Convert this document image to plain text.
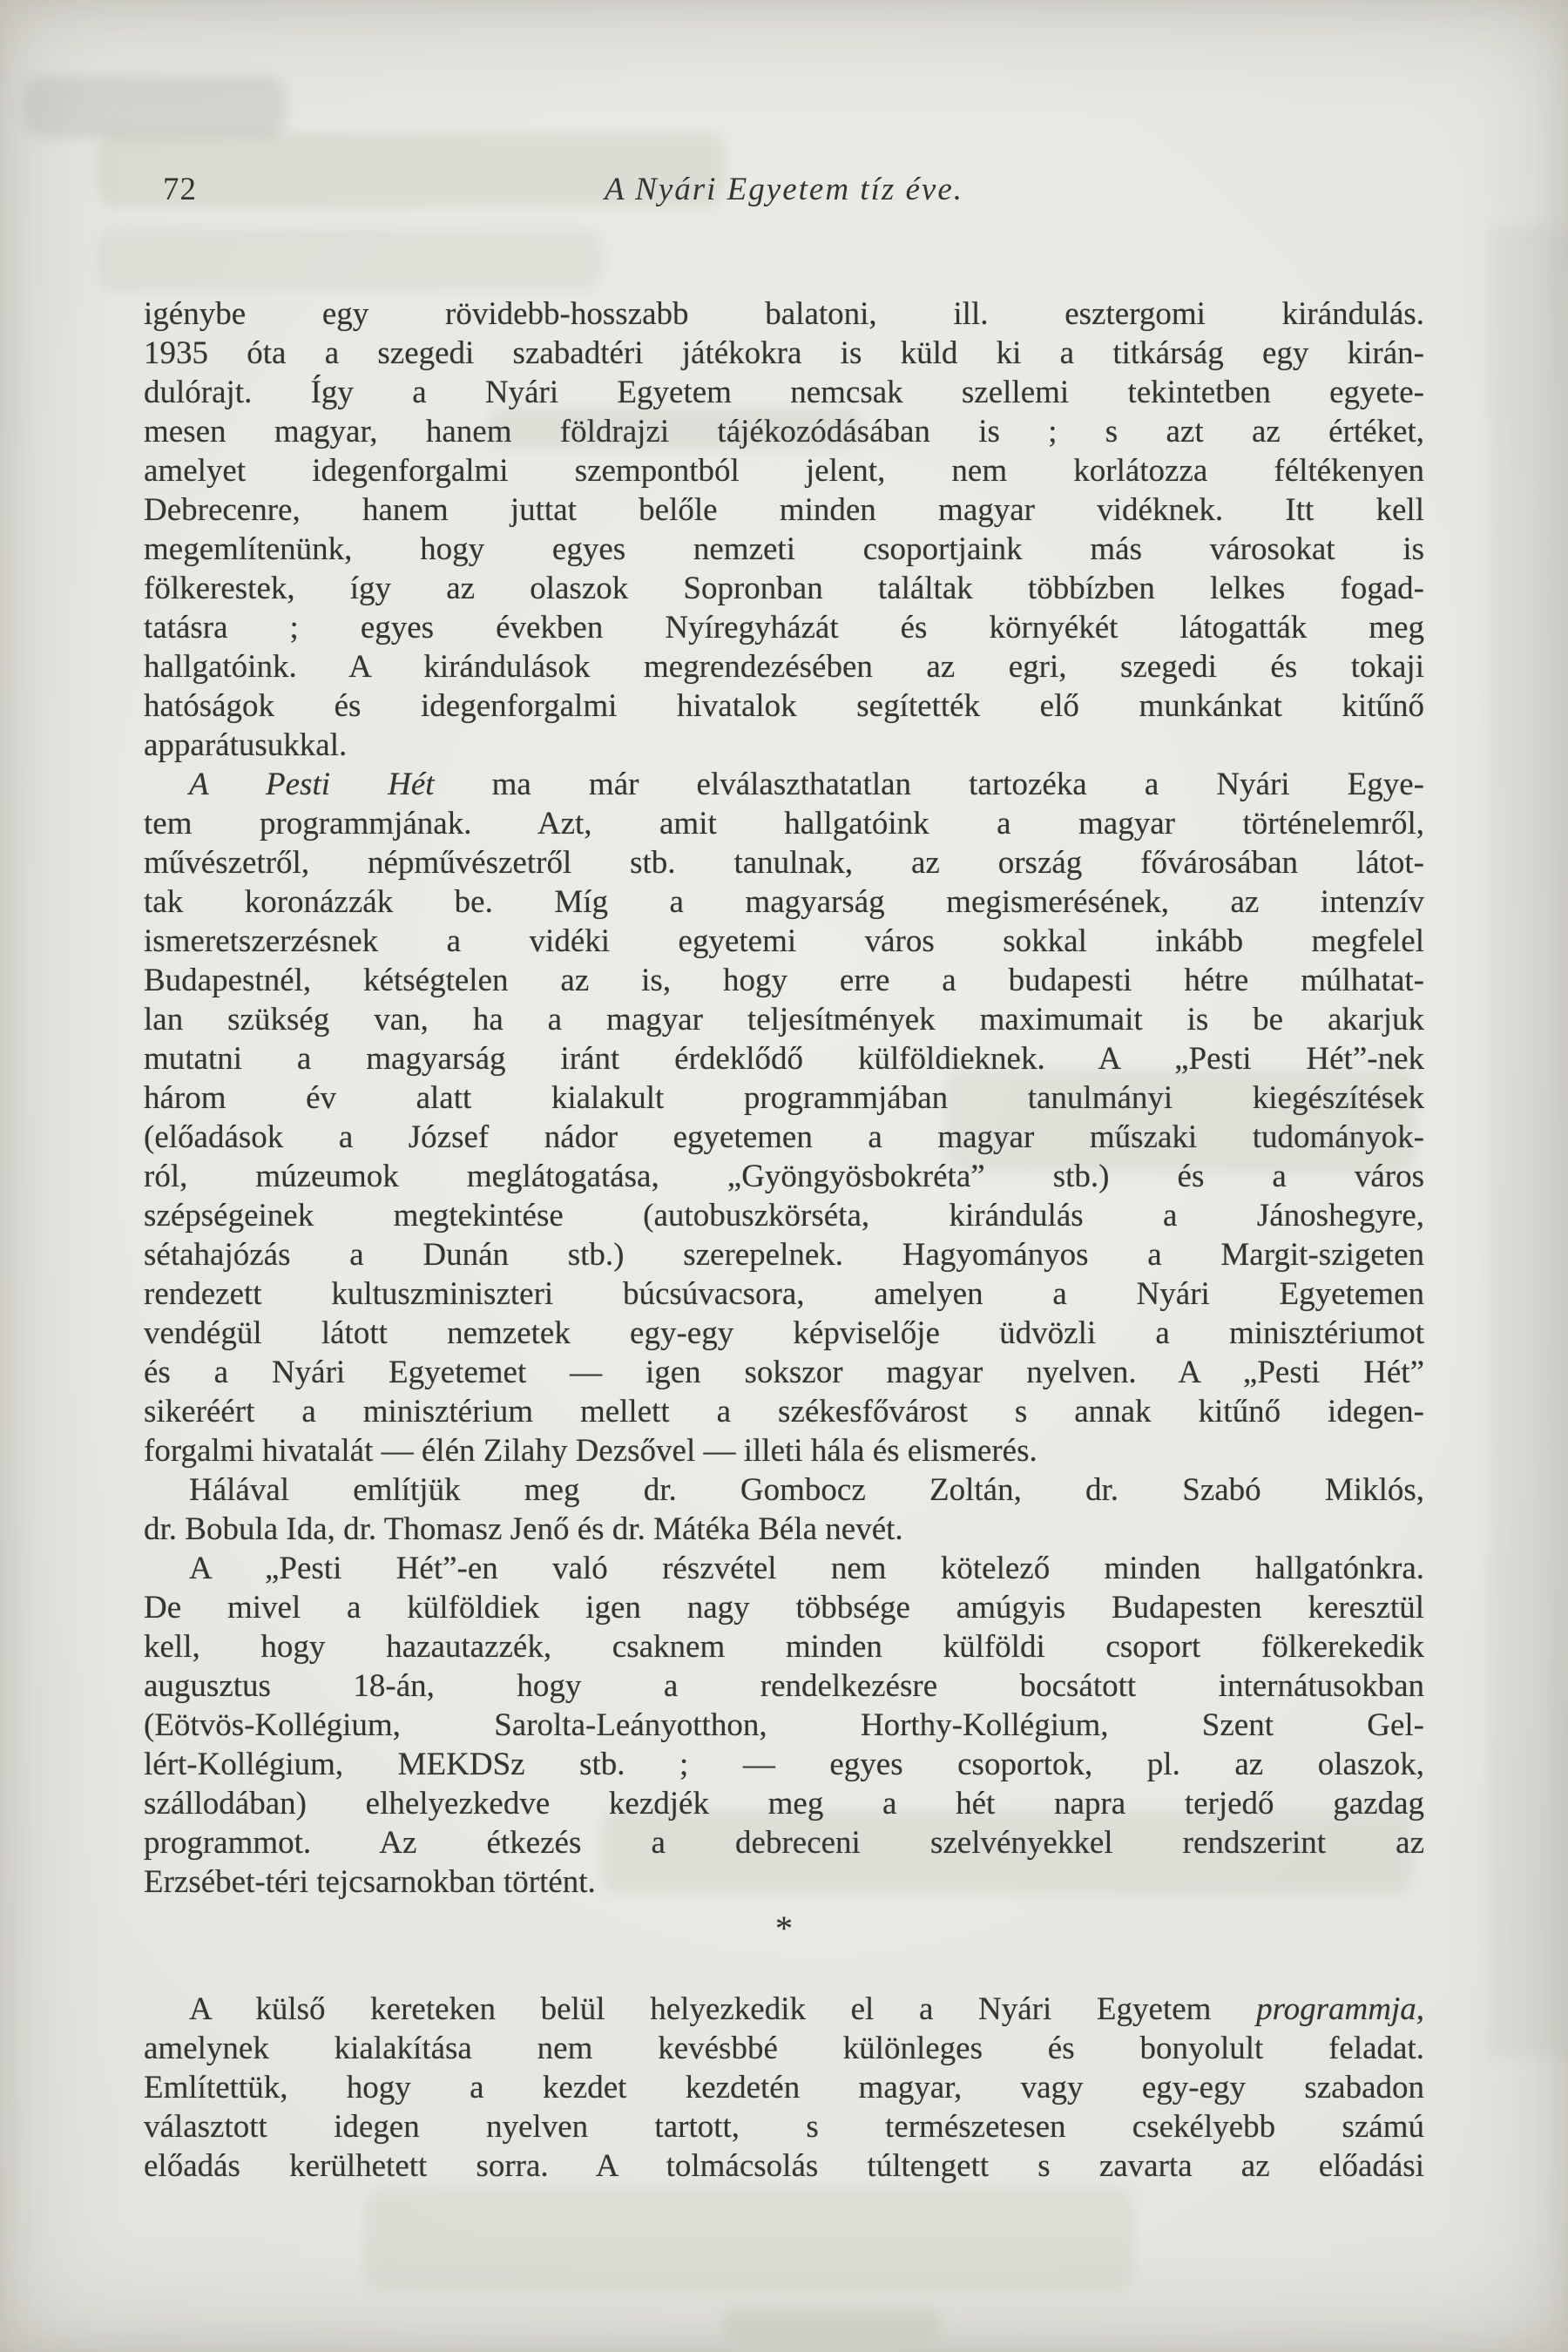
72	A Nyári Egyetem tíz éve.
igénybe egy rövidebb-hosszabb balatoni, ill. esztergomi kirándulás.
1935 óta a szegedi szabadtéri játékokra is küld ki a titkárság egy kirán-
dulórajt. Így a Nyári Egyetem nemcsak szellemi tekintetben egyete-
mesen magyar, hanem földrajzi tájékozódásában is ; s azt az értéket,
amelyet idegenforgalmi szempontból jelent, nem korlátozza féltékenyen
Debrecenre, hanem juttat belőle minden magyar vidéknek. Itt kell
megemlítenünk, hogy egyes nemzeti csoportjaink más városokat is
fölkerestek, így az olaszok Sopronban találtak többízben lelkes fogad-
tatásra ; egyes években Nyíregyházát és környékét látogatták meg
hallgatóink. A kirándulások megrendezésében az egri, szegedi és tokaji
hatóságok és idegenforgalmi hivatalok segítették elő munkánkat kitűnő
apparátusukkal.
A Pesti Hét ma már elválaszthatatlan tartozéka a Nyári Egye-
tem programmjának. Azt, amit hallgatóink a magyar történelemről,
művészetről, népművészetről stb. tanulnak, az ország fővárosában látot-
tak koronázzák be. Míg a magyarság megismerésének, az intenzív
ismeretszerzésnek a vidéki egyetemi város sokkal inkább megfelel
Budapestnél, kétségtelen az is, hogy erre a budapesti hétre múlhatat-
lan szükség van, ha a magyar teljesítmények maximumait is be akarjuk
mutatni a magyarság iránt érdeklődő külföldieknek. A „Pesti Hét”-nek
három év alatt kialakult programmjában tanulmányi kiegészítések
(előadások a József nádor egyetemen a magyar műszaki tudományok-
ról, múzeumok meglátogatása, „Gyöngyösbokréta” stb.) és a város
szépségeinek megtekintése (autobuszkörséta, kirándulás a Jánoshegyre,
sétahajózás a Dunán stb.) szerepelnek. Hagyományos a Margit-szigeten
rendezett kultuszminiszteri búcsúvacsora, amelyen a Nyári Egyetemen
vendégül látott nemzetek egy-egy képviselője üdvözli a minisztériumot
és a Nyári Egyetemet — igen sokszor magyar nyelven. A „Pesti Hét”
sikeréért a minisztérium mellett a székesfővárost s annak kitűnő idegen-
forgalmi hivatalát — élén Zilahy Dezsővel — illeti hála és elismerés.
Hálával említjük meg dr. Gombocz Zoltán, dr. Szabó Miklós,
dr. Bobula Ida, dr. Thomasz Jenő és dr. Mátéka Béla nevét.
A „Pesti Hét”-en való részvétel nem kötelező minden hallgatónkra.
De mivel a külföldiek igen nagy többsége amúgyis Budapesten keresztül
kell, hogy hazautazzék, csaknem minden külföldi csoport fölkerekedik
augusztus 18-án, hogy a rendelkezésre bocsátott internátusokban
(Eötvös-Kollégium, Sarolta-Leányotthon, Horthy-Kollégium, Szent Gel-
lért-Kollégium, MEKDSz stb. ; — egyes csoportok, pl. az olaszok,
szállodában) elhelyezkedve kezdjék meg a hét napra terjedő gazdag
programmot. Az étkezés a debreceni szelvényekkel rendszerint az
Erzsébet-téri tejcsarnokban történt.
*
A külső kereteken belül helyezkedik el a Nyári Egyetem programmja,
amelynek kialakítása nem kevésbbé különleges és bonyolult feladat.
Említettük, hogy a kezdet kezdetén magyar, vagy egy-egy szabadon
választott idegen nyelven tartott, s természetesen csekélyebb számú
előadás kerülhetett sorra. A tolmácsolás túltengett s zavarta az előadási
